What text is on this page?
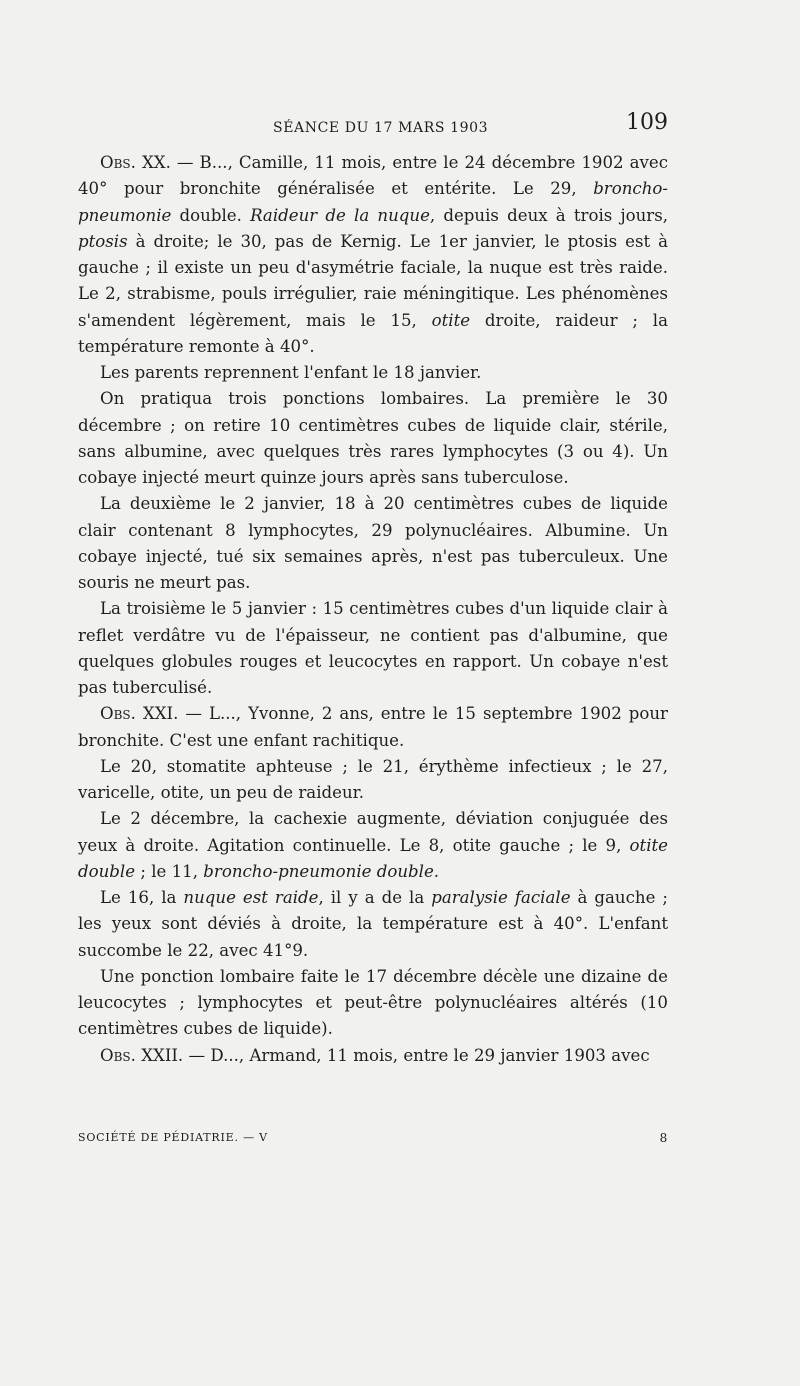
SÉANCE DU 17 MARS 1903	109

Obs. XX. — B..., Camille, 11 mois, entre le 24 décembre 1902 avec 40° pour bronchite généralisée et entérite. Le 29, broncho-pneumonie double. Raideur de la nuque, depuis deux à trois jours, ptosis à droite; le 30, pas de Kernig. Le 1er janvier, le ptosis est à gauche ; il existe un peu d'asymétrie faciale, la nuque est très raide. Le 2, strabisme, pouls irrégulier, raie méningitique. Les phénomènes s'amendent légèrement, mais le 15, otite droite, raideur ; la température remonte à 40°.

Les parents reprennent l'enfant le 18 janvier.

On pratiqua trois ponctions lombaires. La première le 30 décembre ; on retire 10 centimètres cubes de liquide clair, stérile, sans albumine, avec quelques très rares lymphocytes (3 ou 4). Un cobaye injecté meurt quinze jours après sans tuberculose.

La deuxième le 2 janvier, 18 à 20 centimètres cubes de liquide clair contenant 8 lymphocytes, 29 polynucléaires. Albumine. Un cobaye injecté, tué six semaines après, n'est pas tuberculeux. Une souris ne meurt pas.

La troisième le 5 janvier : 15 centimètres cubes d'un liquide clair à reflet verdâtre vu de l'épaisseur, ne contient pas d'albumine, que quelques globules rouges et leucocytes en rapport. Un cobaye n'est pas tuberculisé.

Obs. XXI. — L..., Yvonne, 2 ans, entre le 15 septembre 1902 pour bronchite. C'est une enfant rachitique.

Le 20, stomatite aphteuse ; le 21, érythème infectieux ; le 27, varicelle, otite, un peu de raideur.

Le 2 décembre, la cachexie augmente, déviation conjuguée des yeux à droite. Agitation continuelle. Le 8, otite gauche ; le 9, otite double ; le 11, broncho-pneumonie double.

Le 16, la nuque est raide, il y a de la paralysie faciale à gauche ; les yeux sont déviés à droite, la température est à 40°. L'enfant succombe le 22, avec 41°9.

Une ponction lombaire faite le 17 décembre décèle une dizaine de leucocytes ; lymphocytes et peut-être polynucléaires altérés (10 centimètres cubes de liquide).

Obs. XXII. — D..., Armand, 11 mois, entre le 29 janvier 1903 avec

SOCIÉTÉ DE PÉDIATRIE. — V	8
